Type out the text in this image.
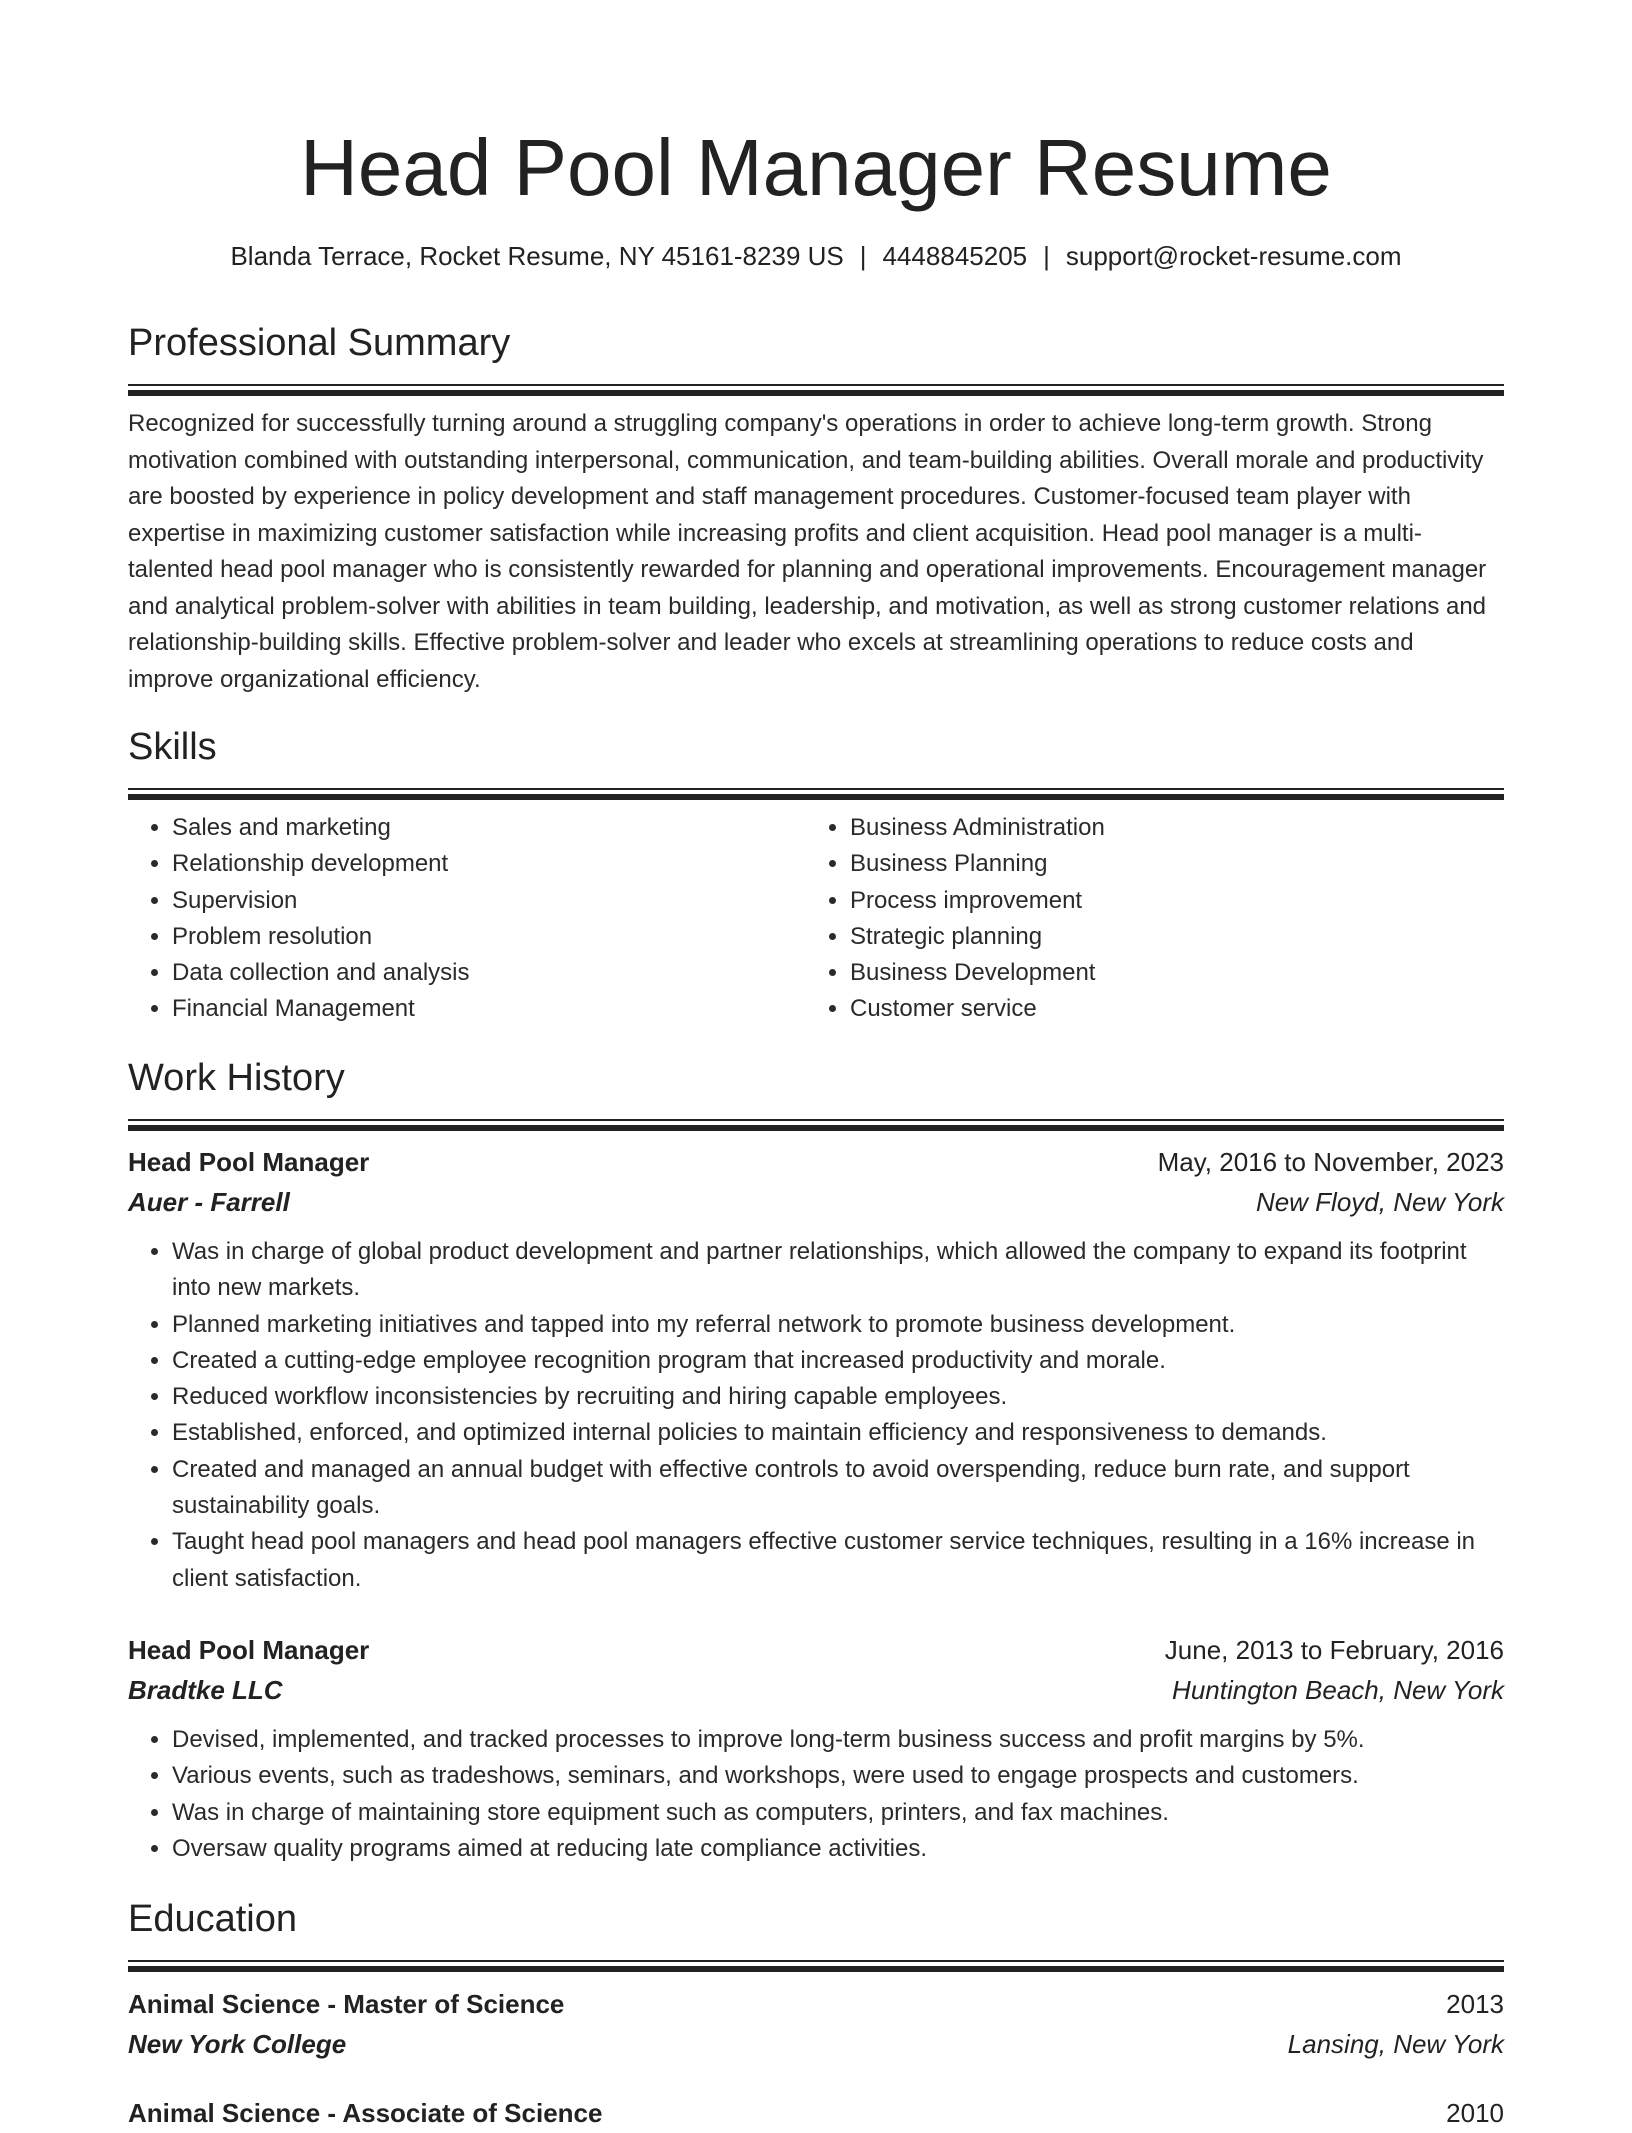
Head Pool Manager Resume
Blanda Terrace, Rocket Resume, NY 45161-8239 US | 4448845205 | support@rocket-resume.com
Professional Summary

Recognized for successfully turning around a struggling company's operations in order to achieve long-term growth. Strong motivation combined with outstanding interpersonal, communication, and team-building abilities. Overall morale and productivity are boosted by experience in policy development and staff management procedures. Customer-focused team player with expertise in maximizing customer satisfaction while increasing profits and client acquisition. Head pool manager is a multi-talented head pool manager who is consistently rewarded for planning and operational improvements. Encouragement manager and analytical problem-solver with abilities in team building, leadership, and motivation, as well as strong customer relations and relationship-building skills. Effective problem-solver and leader who excels at streamlining operations to reduce costs and improve organizational efficiency.

Skills
• Sales and marketing
• Relationship development
• Supervision
• Problem resolution
• Data collection and analysis
• Financial Management
• Business Administration
• Business Planning
• Process improvement
• Strategic planning
• Business Development
• Customer service
Work History
Head Pool Manager	May, 2016 to November, 2023
Auer - Farrell	New Floyd, New York
• Was in charge of global product development and partner relationships, which allowed the company to expand its footprint into new markets.
• Planned marketing initiatives and tapped into my referral network to promote business development.
• Created a cutting-edge employee recognition program that increased productivity and morale.
• Reduced workflow inconsistencies by recruiting and hiring capable employees.
• Established, enforced, and optimized internal policies to maintain efficiency and responsiveness to demands.
• Created and managed an annual budget with effective controls to avoid overspending, reduce burn rate, and support sustainability goals.
• Taught head pool managers and head pool managers effective customer service techniques, resulting in a 16% increase in client satisfaction.
Head Pool Manager	June, 2013 to February, 2016
Bradtke LLC	Huntington Beach, New York
• Devised, implemented, and tracked processes to improve long-term business success and profit margins by 5%.
• Various events, such as tradeshows, seminars, and workshops, were used to engage prospects and customers.
• Was in charge of maintaining store equipment such as computers, printers, and fax machines.
• Oversaw quality programs aimed at reducing late compliance activities.
Education
Animal Science - Master of Science	2013
New York College	Lansing, New York
Animal Science - Associate of Science	2010
